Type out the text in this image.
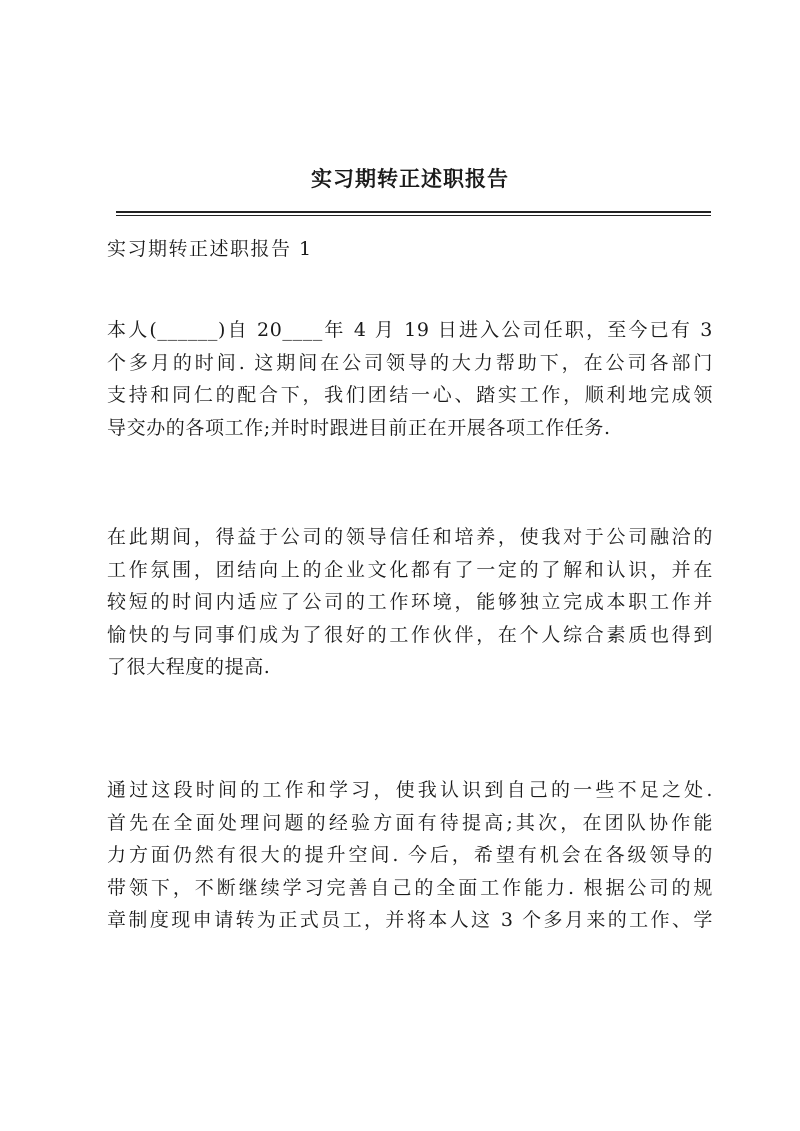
实习期转正述职报告
实习期转正述职报告 1
本人(______)自 20____年 4 月 19 日进入公司任职，至今已有 3
个多月的时间. 这期间在公司领导的大力帮助下，在公司各部门
支持和同仁的配合下，我们团结一心、踏实工作，顺利地完成领
导交办的各项工作;并时时跟进目前正在开展各项工作任务.
在此期间，得益于公司的领导信任和培养，使我对于公司融洽的
工作氛围，团结向上的企业文化都有了一定的了解和认识，并在
较短的时间内适应了公司的工作环境，能够独立完成本职工作并
愉快的与同事们成为了很好的工作伙伴，在个人综合素质也得到
了很大程度的提高.
通过这段时间的工作和学习，使我认识到自己的一些不足之处.
首先在全面处理问题的经验方面有待提高;其次，在团队协作能
力方面仍然有很大的提升空间. 今后，希望有机会在各级领导的
带领下，不断继续学习完善自己的全面工作能力. 根据公司的规
章制度现申请转为正式员工，并将本人这 3 个多月来的工作、学
